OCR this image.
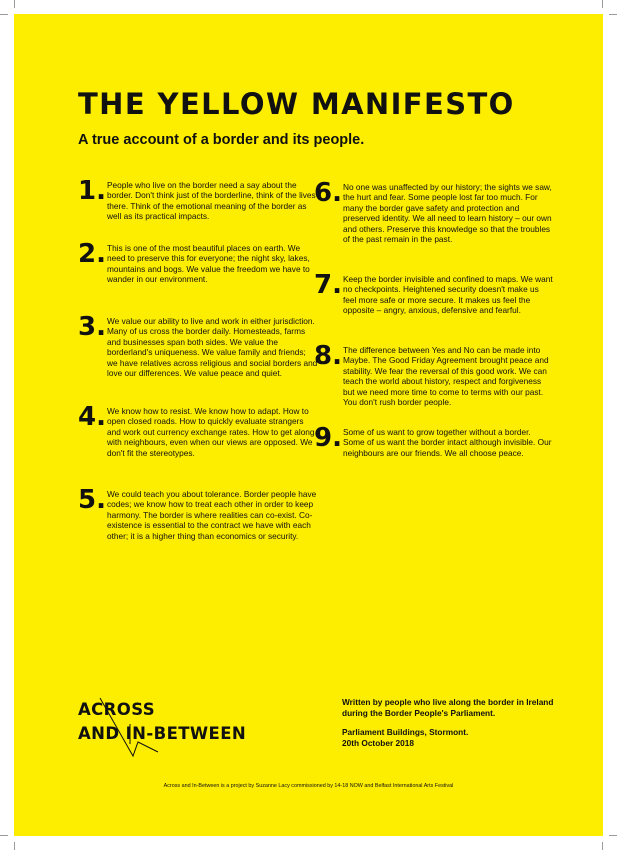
THE YELLOW MANIFESTO
A true account of a border and its people.
1. People who live on the border need a say about the border. Don't think just of the borderline, think of the lives there. Think of the emotional meaning of the border as well as its practical impacts.

2. This is one of the most beautiful places on earth. We need to preserve this for everyone; the night sky, lakes, mountains and bogs. We value the freedom we have to wander in our environment.

3. We value our ability to live and work in either jurisdiction. Many of us cross the border daily. Homesteads, farms and businesses span both sides. We value the borderland's uniqueness. We value family and friends; we have relatives across religious and social borders and love our differences. We value peace and quiet.

4. We know how to resist. We know how to adapt. How to open closed roads. How to quickly evaluate strangers and work out currency exchange rates. How to get along with neighbours, even when our views are opposed. We don't fit the stereotypes.

5. We could teach you about tolerance. Border people have codes; we know how to treat each other in order to keep harmony. The border is where realities can co-exist. Co-existence is essential to the contract we have with each other; it is a higher thing than economics or security.

6. No one was unaffected by our history; the sights we saw, the hurt and fear. Some people lost far too much. For many the border gave safety and protection and preserved identity. We all need to learn history – our own and others. Preserve this knowledge so that the troubles of the past remain in the past.

7. Keep the border invisible and confined to maps. We want no checkpoints. Heightened security doesn't make us feel more safe or more secure. It makes us feel the opposite – angry, anxious, defensive and fearful.

8. The difference between Yes and No can be made into Maybe. The Good Friday Agreement brought peace and stability. We fear the reversal of this good work. We can teach the world about history, respect and forgiveness but we need more time to come to terms with our past. You don't rush border people.

9. Some of us want to grow together without a border. Some of us want the border intact although invisible. Our neighbours are our friends. We all choose peace.

ACROSS
AND IN-BETWEEN

Written by people who live along the border in Ireland during the Border People's Parliament.

Parliament Buildings, Stormont.

20th October 2018

Across and In-Between is a project by Suzanne Lacy commissioned by 14-18 NOW and Belfast International Arts Festival
